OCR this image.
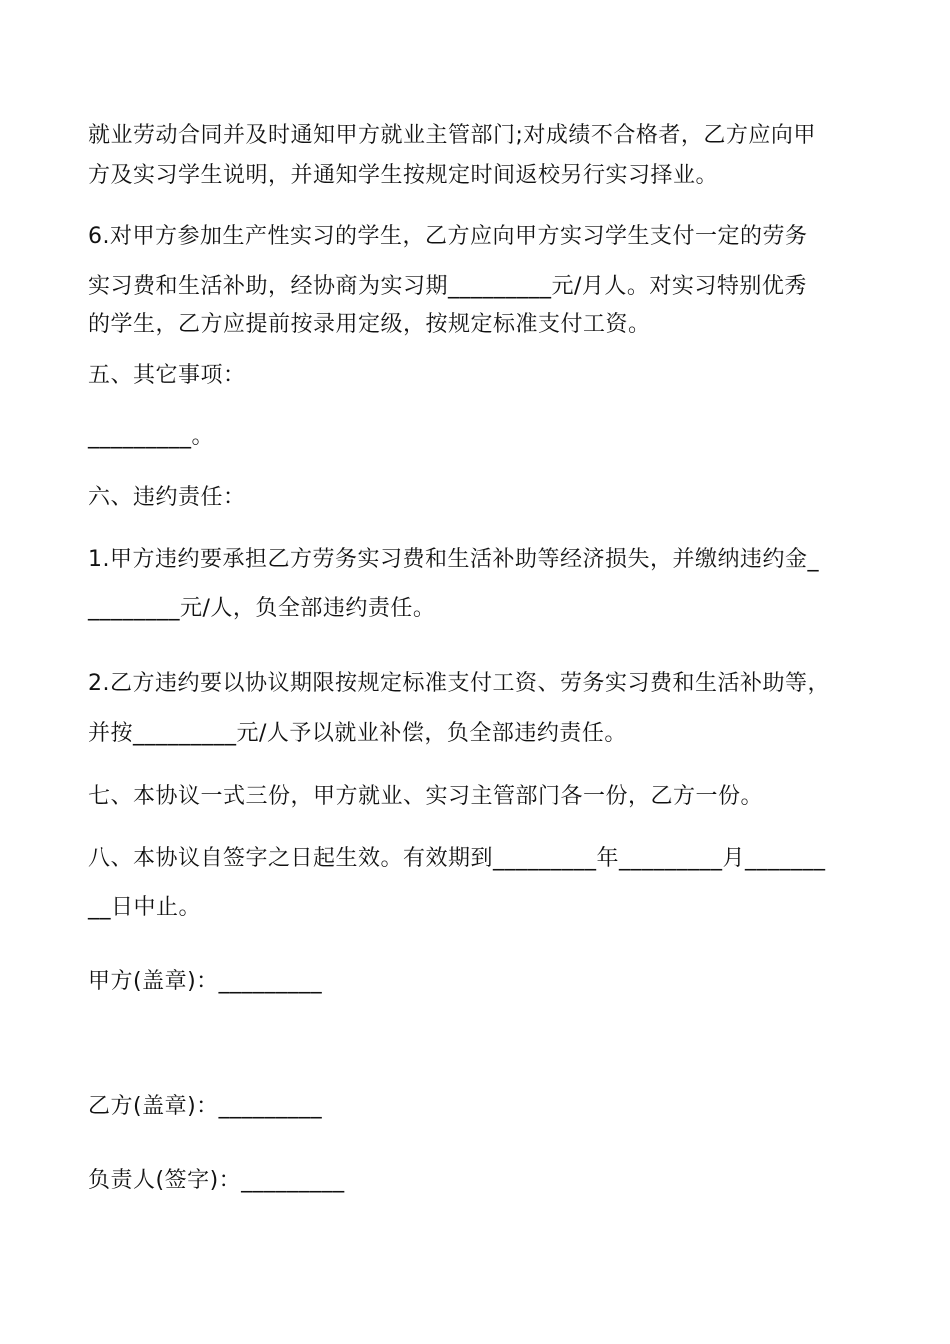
就业劳动合同并及时通知甲方就业主管部门;对成绩不合格者，乙方应向甲
方及实习学生说明，并通知学生按规定时间返校另行实习择业。
6.对甲方参加生产性实习的学生，乙方应向甲方实习学生支付一定的劳务
实习费和生活补助，经协商为实习期_________元/月人。对实习特别优秀
的学生，乙方应提前按录用定级，按规定标准支付工资。
五、其它事项：
_________。
六、违约责任：
1.甲方违约要承担乙方劳务实习费和生活补助等经济损失，并缴纳违约金_
________元/人，负全部违约责任。
2.乙方违约要以协议期限按规定标准支付工资、劳务实习费和生活补助等，
并按_________元/人予以就业补偿，负全部违约责任。
七、本协议一式三份，甲方就业、实习主管部门各一份，乙方一份。
八、本协议自签字之日起生效。有效期到_________年_________月_______
__日中止。
甲方(盖章)：_________
乙方(盖章)：_________
负责人(签字)：_________
